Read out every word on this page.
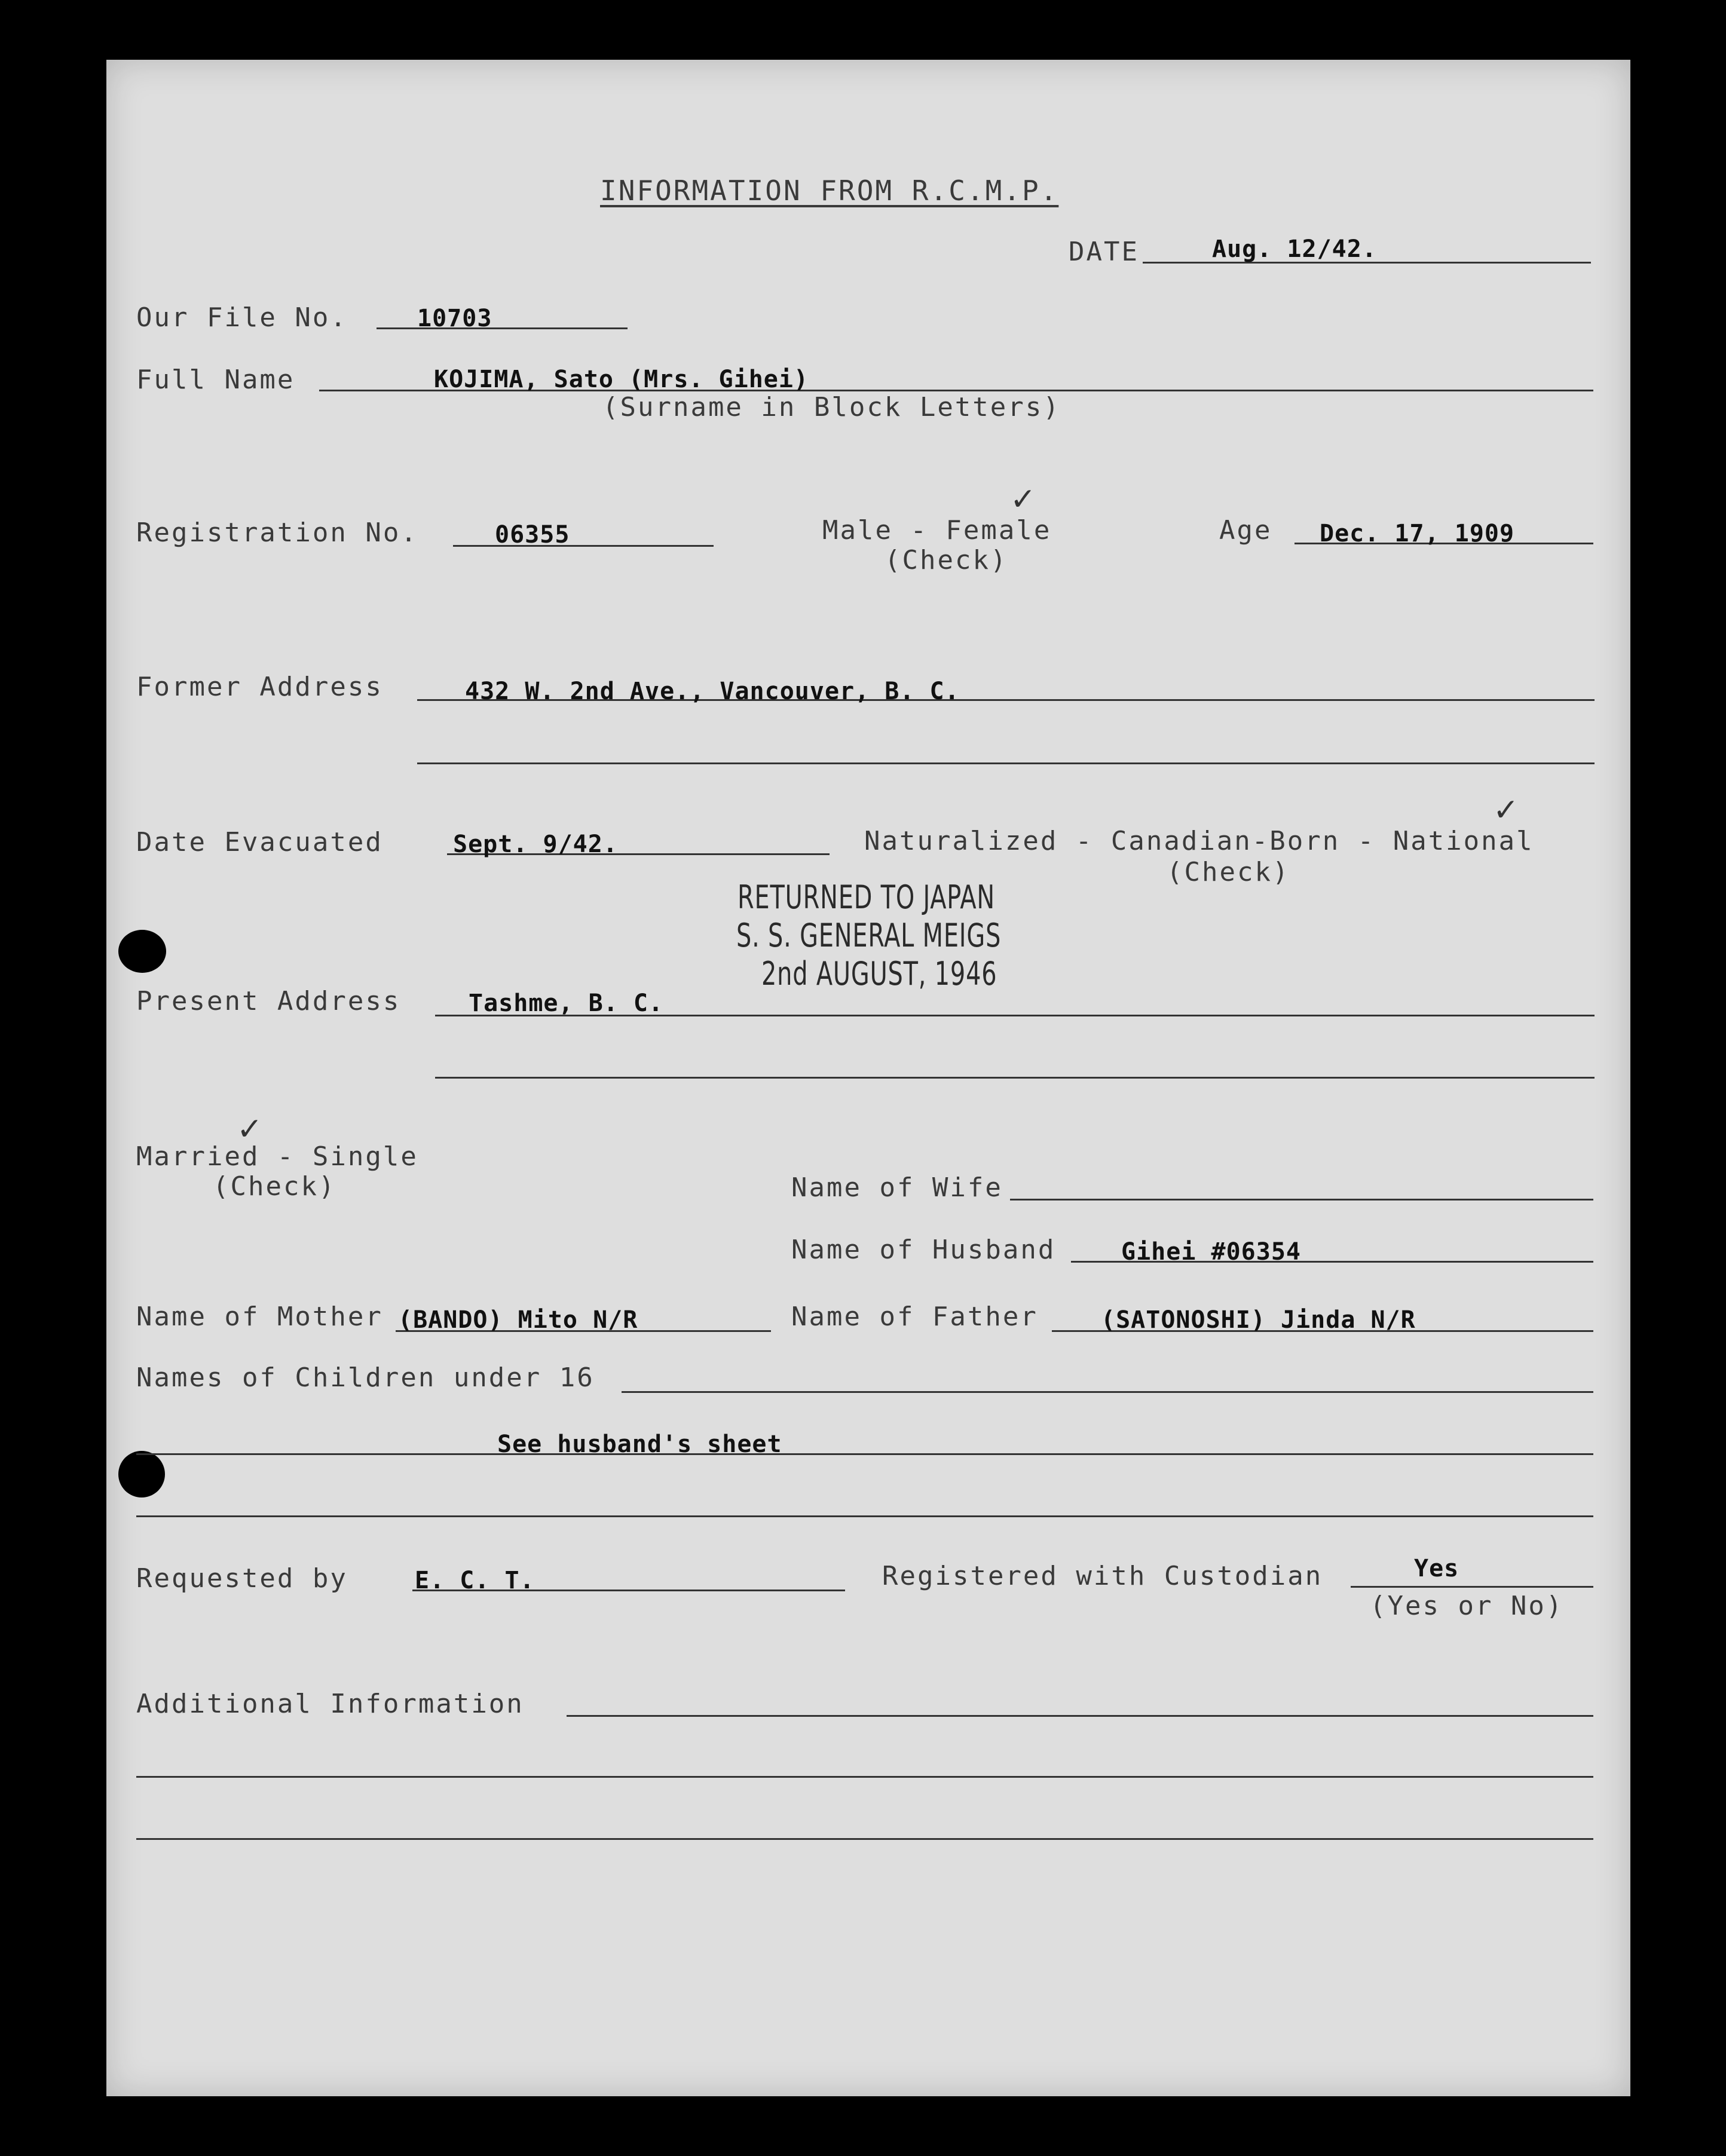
INFORMATION FROM R.C.M.P.
DATE	Aug. 12/42.
Our File No.	10703
Full Name	KOJIMA, Sato (Mrs. Gihei)
(Surname in Block Letters)
Registration No.	06355	Male - Female
(Check)
✓
Age Dec. 17, 1909
Former Address	432 W. 2nd Ave., Vancouver, B. C.
Date Evacuated	Sept. 9/42.	Naturalized - Canadian-Born - National
(Check)
✓
RETURNED TO JAPAN
S. S. GENERAL MEIGS
2nd AUGUST, 1946
Present Address	Tashme, B. C.
Married - Single
(Check)
✓
Name of Wife
Name of Husband	Gihei #06354
Name of Mother (BANDO) Mito N/R	Name of Father	(SATONOSHI) Jinda N/R
Names of Children under 16
See husband's sheet
Requested by	E. C. T.	Registered with Custodian	Yes
(Yes or No)
Additional Information
